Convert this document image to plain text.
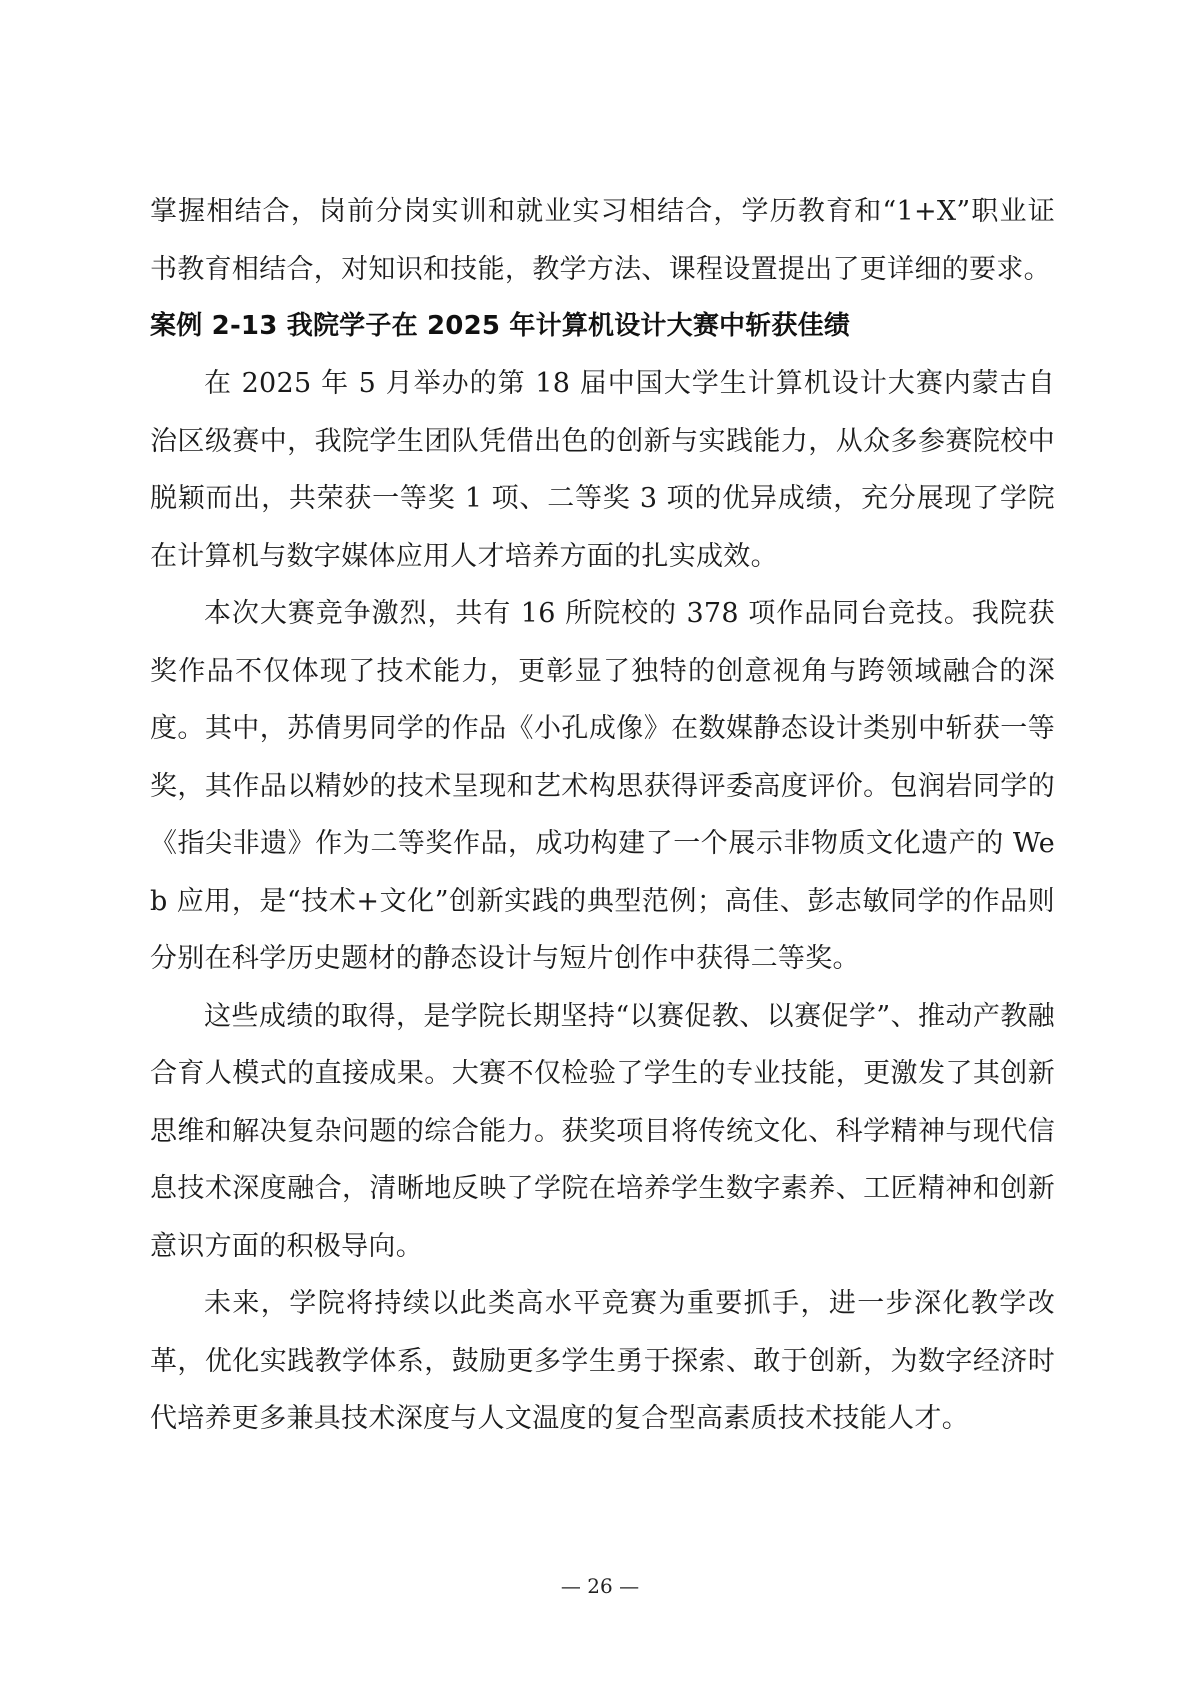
掌握相结合，岗前分岗实训和就业实习相结合，学历教育和“1+X”职业证书教育相结合，对知识和技能，教学方法、课程设置提出了更详细的要求。

案例 2-13 我院学子在 2025 年计算机设计大赛中斩获佳绩

在 2025 年 5 月举办的第 18 届中国大学生计算机设计大赛内蒙古自治区级赛中，我院学生团队凭借出色的创新与实践能力，从众多参赛院校中脱颖而出，共荣获一等奖 1 项、二等奖 3 项的优异成绩，充分展现了学院在计算机与数字媒体应用人才培养方面的扎实成效。

本次大赛竞争激烈，共有 16 所院校的 378 项作品同台竞技。我院获奖作品不仅体现了技术能力，更彰显了独特的创意视角与跨领域融合的深度。其中，苏倩男同学的作品《小孔成像》在数媒静态设计类别中斩获一等奖，其作品以精妙的技术呈现和艺术构思获得评委高度评价。包润岩同学的《指尖非遗》作为二等奖作品，成功构建了一个展示非物质文化遗产的 Web 应用，是“技术+文化”创新实践的典型范例；高佳、彭志敏同学的作品则分别在科学历史题材的静态设计与短片创作中获得二等奖。

这些成绩的取得，是学院长期坚持“以赛促教、以赛促学”、推动产教融合育人模式的直接成果。大赛不仅检验了学生的专业技能，更激发了其创新思维和解决复杂问题的综合能力。获奖项目将传统文化、科学精神与现代信息技术深度融合，清晰地反映了学院在培养学生数字素养、工匠精神和创新意识方面的积极导向。

未来，学院将持续以此类高水平竞赛为重要抓手，进一步深化教学改革，优化实践教学体系，鼓励更多学生勇于探索、敢于创新，为数字经济时代培养更多兼具技术深度与人文温度的复合型高素质技术技能人才。

— 26 —
